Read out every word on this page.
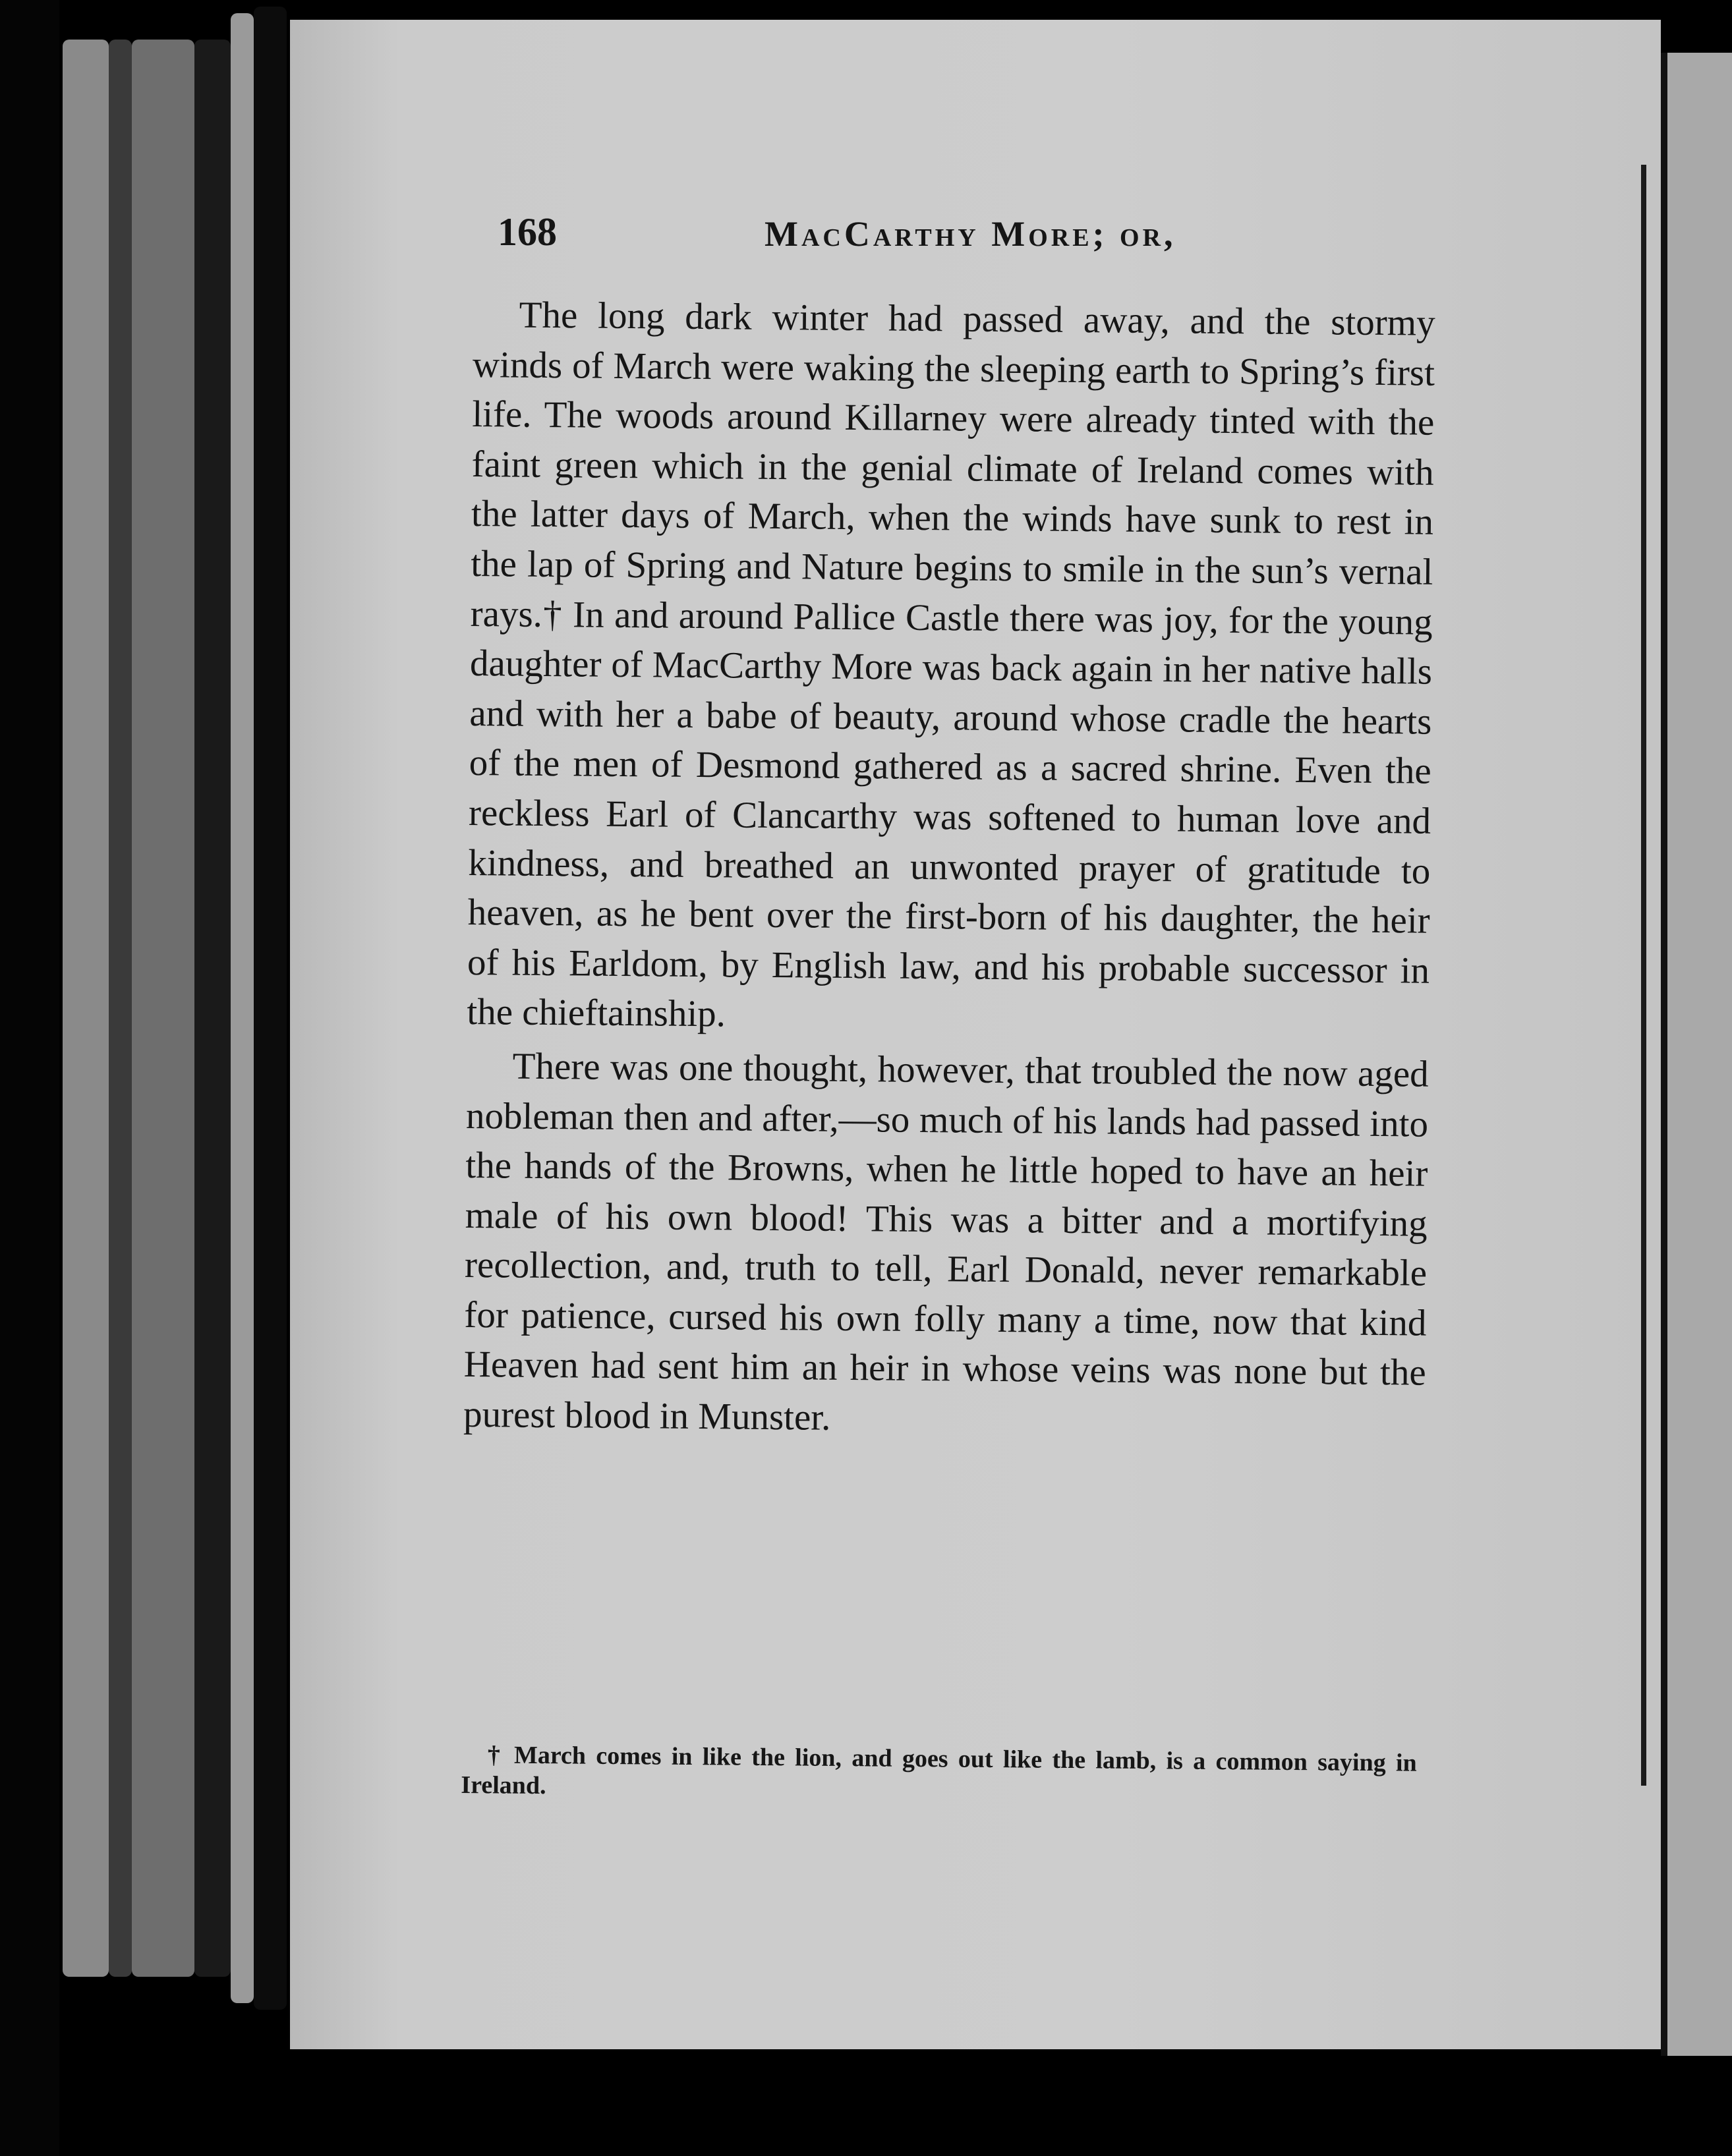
168	MacCarthy More; or,

The long dark winter had passed away, and the stormy winds of March were waking the sleeping earth to Spring’s first life. The woods around Killarney were already tinted with the faint green which in the genial climate of Ireland comes with the latter days of March, when the winds have sunk to rest in the lap of Spring and Nature begins to smile in the sun’s vernal rays.† In and around Pallice Castle there was joy, for the young daughter of MacCarthy More was back again in her native halls and with her a babe of beauty, around whose cradle the hearts of the men of Desmond gathered as a sacred shrine. Even the reckless Earl of Clancarthy was softened to human love and kindness, and breathed an unwonted prayer of gratitude to heaven, as he bent over the first-born of his daughter, the heir of his Earldom, by English law, and his probable successor in the chieftainship.

There was one thought, however, that troubled the now aged nobleman then and after,—so much of his lands had passed into the hands of the Browns, when he little hoped to have an heir male of his own blood! This was a bitter and a mortifying recollection, and, truth to tell, Earl Donald, never remarkable for patience, cursed his own folly many a time, now that kind Heaven had sent him an heir in whose veins was none but the purest blood in Munster.

† March comes in like the lion, and goes out like the lamb, is a common saying in Ireland.
